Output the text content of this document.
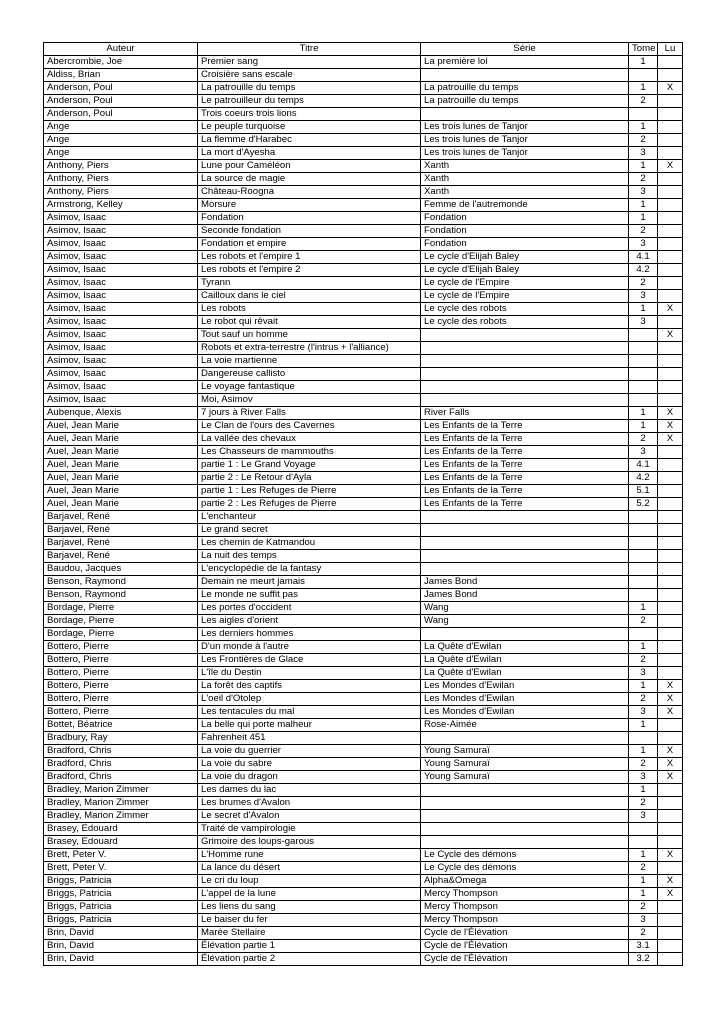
Auteur	Titre	Série	Tome	Lu
Abercrombie, Joe	Premier sang	La première loi	1	
Aldiss, Brian	Croisière sans escale			
Anderson, Poul	La patrouille du temps	La patrouille du temps	1	X
Anderson, Poul	Le patrouilleur du temps	La patrouille du temps	2	
Anderson, Poul	Trois coeurs trois lions			
Ange	Le peuple turquoise	Les trois lunes de Tanjor	1	
Ange	La flemme d'Harabec	Les trois lunes de Tanjor	2	
Ange	La mort d'Ayesha	Les trois lunes de Tanjor	3	
Anthony, Piers	Lune pour Caméléon	Xanth	1	X
Anthony, Piers	La source de magie	Xanth	2	
Anthony, Piers	Château-Roogna	Xanth	3	
Armstrong, Kelley	Morsure	Femme de l'autremonde	1	
Asimov, Isaac	Fondation	Fondation	1	
Asimov, Isaac	Seconde fondation	Fondation	2	
Asimov, Isaac	Fondation et empire	Fondation	3	
Asimov, Isaac	Les robots et l'empire 1	Le cycle d'Elijah Baley	4.1	
Asimov, Isaac	Les robots et l'empire 2	Le cycle d'Elijah Baley	4.2	
Asimov, Isaac	Tyrann	Le cycle de l'Empire	2	
Asimov, Isaac	Cailloux dans le ciel	Le cycle de l'Empire	3	
Asimov, Isaac	Les robots	Le cycle des robots	1	X
Asimov, Isaac	Le robot qui rêvait	Le cycle des robots	3	
Asimov, Isaac	Tout sauf un homme			X
Asimov, Isaac	Robots et extra-terrestre (l'intrus + l'alliance)			
Asimov, Isaac	La voie martienne			
Asimov, Isaac	Dangereuse callisto			
Asimov, Isaac	Le voyage fantastique			
Asimov, Isaac	Moi, Asimov			
Aubenque, Alexis	7 jours à River Falls	River Falls	1	X
Auel, Jean Marie	Le Clan de l'ours des Cavernes	Les Enfants de la Terre	1	X
Auel, Jean Marie	La vallée des chevaux	Les Enfants de la Terre	2	X
Auel, Jean Marie	Les Chasseurs de mammouths	Les Enfants de la Terre	3	
Auel, Jean Marie	partie 1 : Le Grand Voyage	Les Enfants de la Terre	4.1	
Auel, Jean Marie	partie 2 : Le Retour d'Ayla	Les Enfants de la Terre	4.2	
Auel, Jean Marie	partie 1 : Les Refuges de Pierre	Les Enfants de la Terre	5.1	
Auel, Jean Marie	partie 2 : Les Refuges de Pierre	Les Enfants de la Terre	5.2	
Barjavel, René	L'enchanteur			
Barjavel, René	Le grand secret			
Barjavel, René	Les chemin de Katmandou			
Barjavel, René	La nuit des temps			
Baudou, Jacques	L'encyclopédie de la fantasy			
Benson, Raymond	Demain ne meurt jamais	James Bond		
Benson, Raymond	Le monde ne suffit pas	James Bond		
Bordage, Pierre	Les portes d'occident	Wang	1	
Bordage, Pierre	Les aigles d'orient	Wang	2	
Bordage, Pierre	Les derniers hommes			
Bottero, Pierre	D'un monde à l'autre	La Quête d'Ewilan	1	
Bottero, Pierre	Les Frontières de Glace	La Quête d'Ewilan	2	
Bottero, Pierre	L'île du Destin	La Quête d'Ewilan	3	
Bottero, Pierre	La forêt des captifs	Les Mondes d'Ewilan	1	X
Bottero, Pierre	L'oeil d'Otolep	Les Mondes d'Ewilan	2	X
Bottero, Pierre	Les tentacules du mal	Les Mondes d'Ewilan	3	X
Bottet, Béatrice	La belle qui porte malheur	Rose-Aimée	1	
Bradbury, Ray	Fahrenheit 451			
Bradford, Chris	La voie du guerrier	Young Samuraï	1	X
Bradford, Chris	La voie du sabre	Young Samuraï	2	X
Bradford, Chris	La voie du dragon	Young Samuraï	3	X
Bradley, Marion Zimmer	Les dames du lac		1	
Bradley, Marion Zimmer	Les brumes d'Avalon		2	
Bradley, Marion Zimmer	Le secret d'Avalon		3	
Brasey, Edouard	Traité de vampirologie			
Brasey, Edouard	Grimoire des loups-garous			
Brett, Peter V.	L'Homme rune	Le Cycle des démons	1	X
Brett, Peter V.	La lance du désert	Le Cycle des démons	2	
Briggs, Patricia	Le cri du loup	Alpha&Omega	1	X
Briggs, Patricia	L'appel de la lune	Mercy Thompson	1	X
Briggs, Patricia	Les liens du sang	Mercy Thompson	2	
Briggs, Patricia	Le baiser du fer	Mercy Thompson	3	
Brin, David	Marée Stellaire	Cycle de l'Élévation	2	
Brin, David	Élévation partie 1	Cycle de l'Élévation	3.1	
Brin, David	Élévation partie 2	Cycle de l'Élévation	3.2	
